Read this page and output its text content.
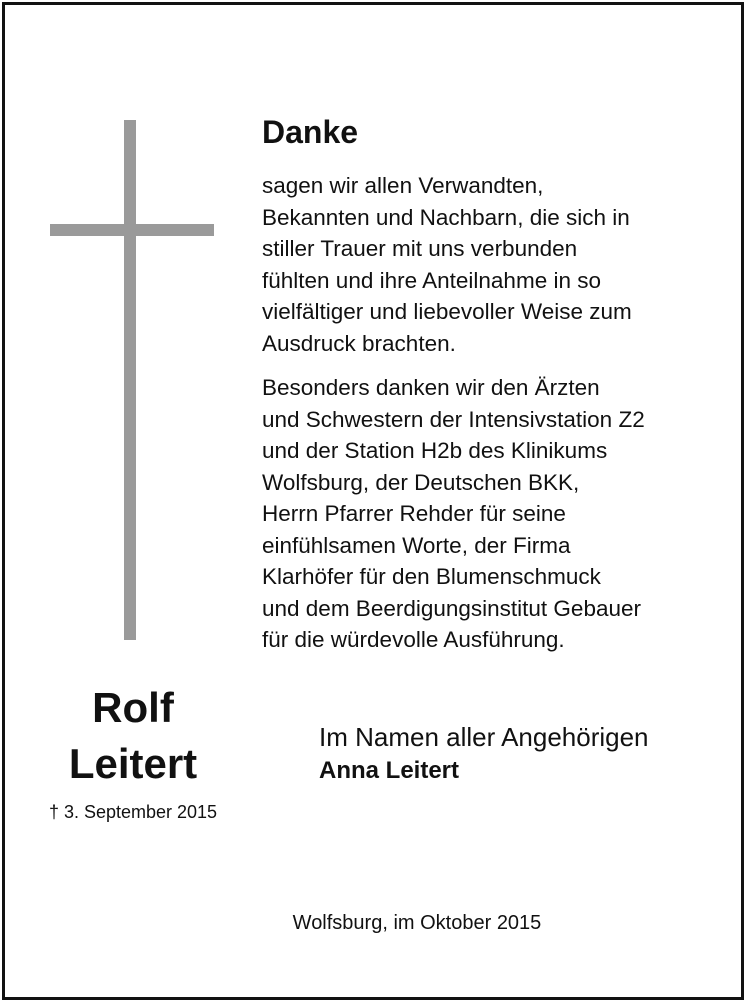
Danke

sagen wir allen Verwandten,
Bekannten und Nachbarn, die sich in
stiller Trauer mit uns verbunden
fühlten und ihre Anteilnahme in so
vielfältiger und liebevoller Weise zum
Ausdruck brachten.

Besonders danken wir den Ärzten
und Schwestern der Intensivstation Z2
und der Station H2b des Klinikums
Wolfsburg, der Deutschen BKK,
Herrn Pfarrer Rehder für seine
einfühlsamen Worte, der Firma
Klarhöfer für den Blumenschmuck
und dem Beerdigungsinstitut Gebauer
für die würdevolle Ausführung.

Rolf

Leitert

† 3. September 2015

Im Namen aller Angehörigen

Anna Leitert

Wolfsburg, im Oktober 2015
